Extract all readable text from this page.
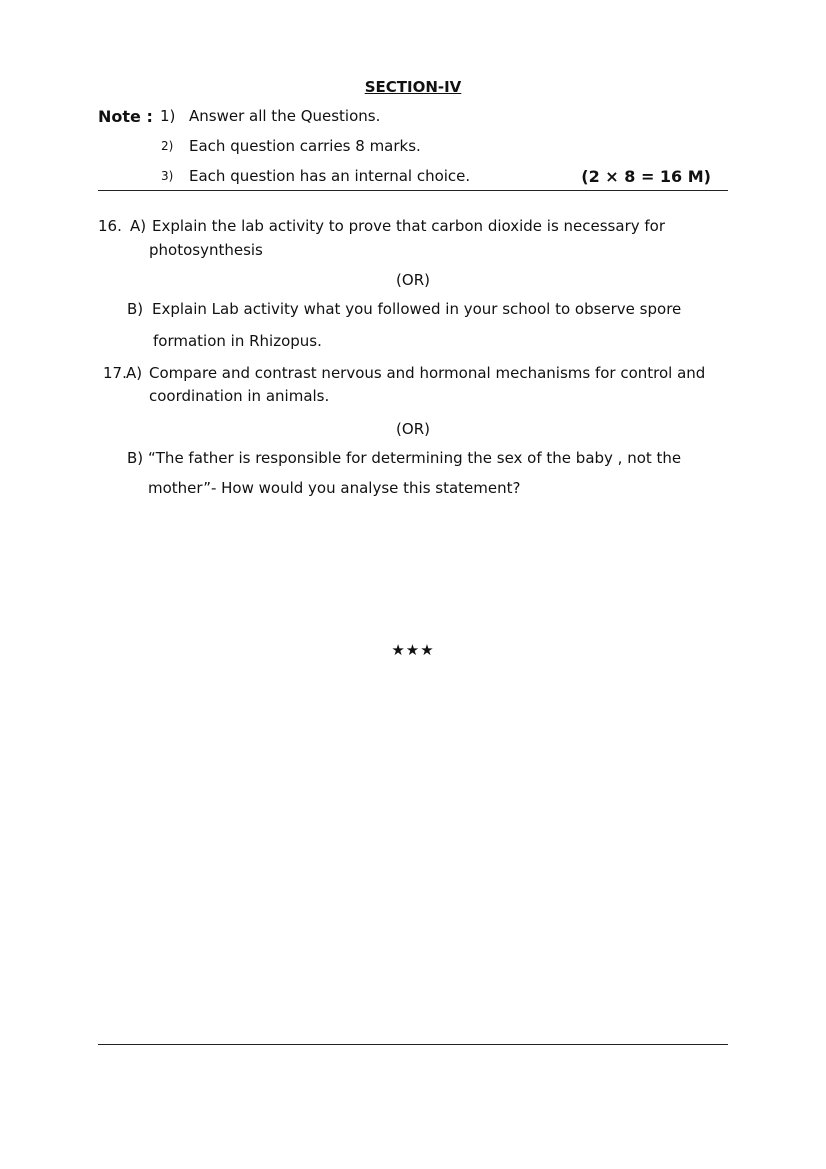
SECTION-IV
Note : 1) Answer all the Questions.
2) Each question carries 8 marks.
3) Each question has an internal choice.	(2 × 8 = 16 M)
16. A) Explain the lab activity to prove that carbon dioxide is necessary for
photosynthesis
(OR)
B) Explain Lab activity what you followed in your school to observe spore
formation in Rhizopus.
17. A) Compare and contrast nervous and hormonal mechanisms for control and
coordination in animals.
(OR)
B) “The father is responsible for determining the sex of the baby , not the
mother”- How would you analyse this statement?
★★★
